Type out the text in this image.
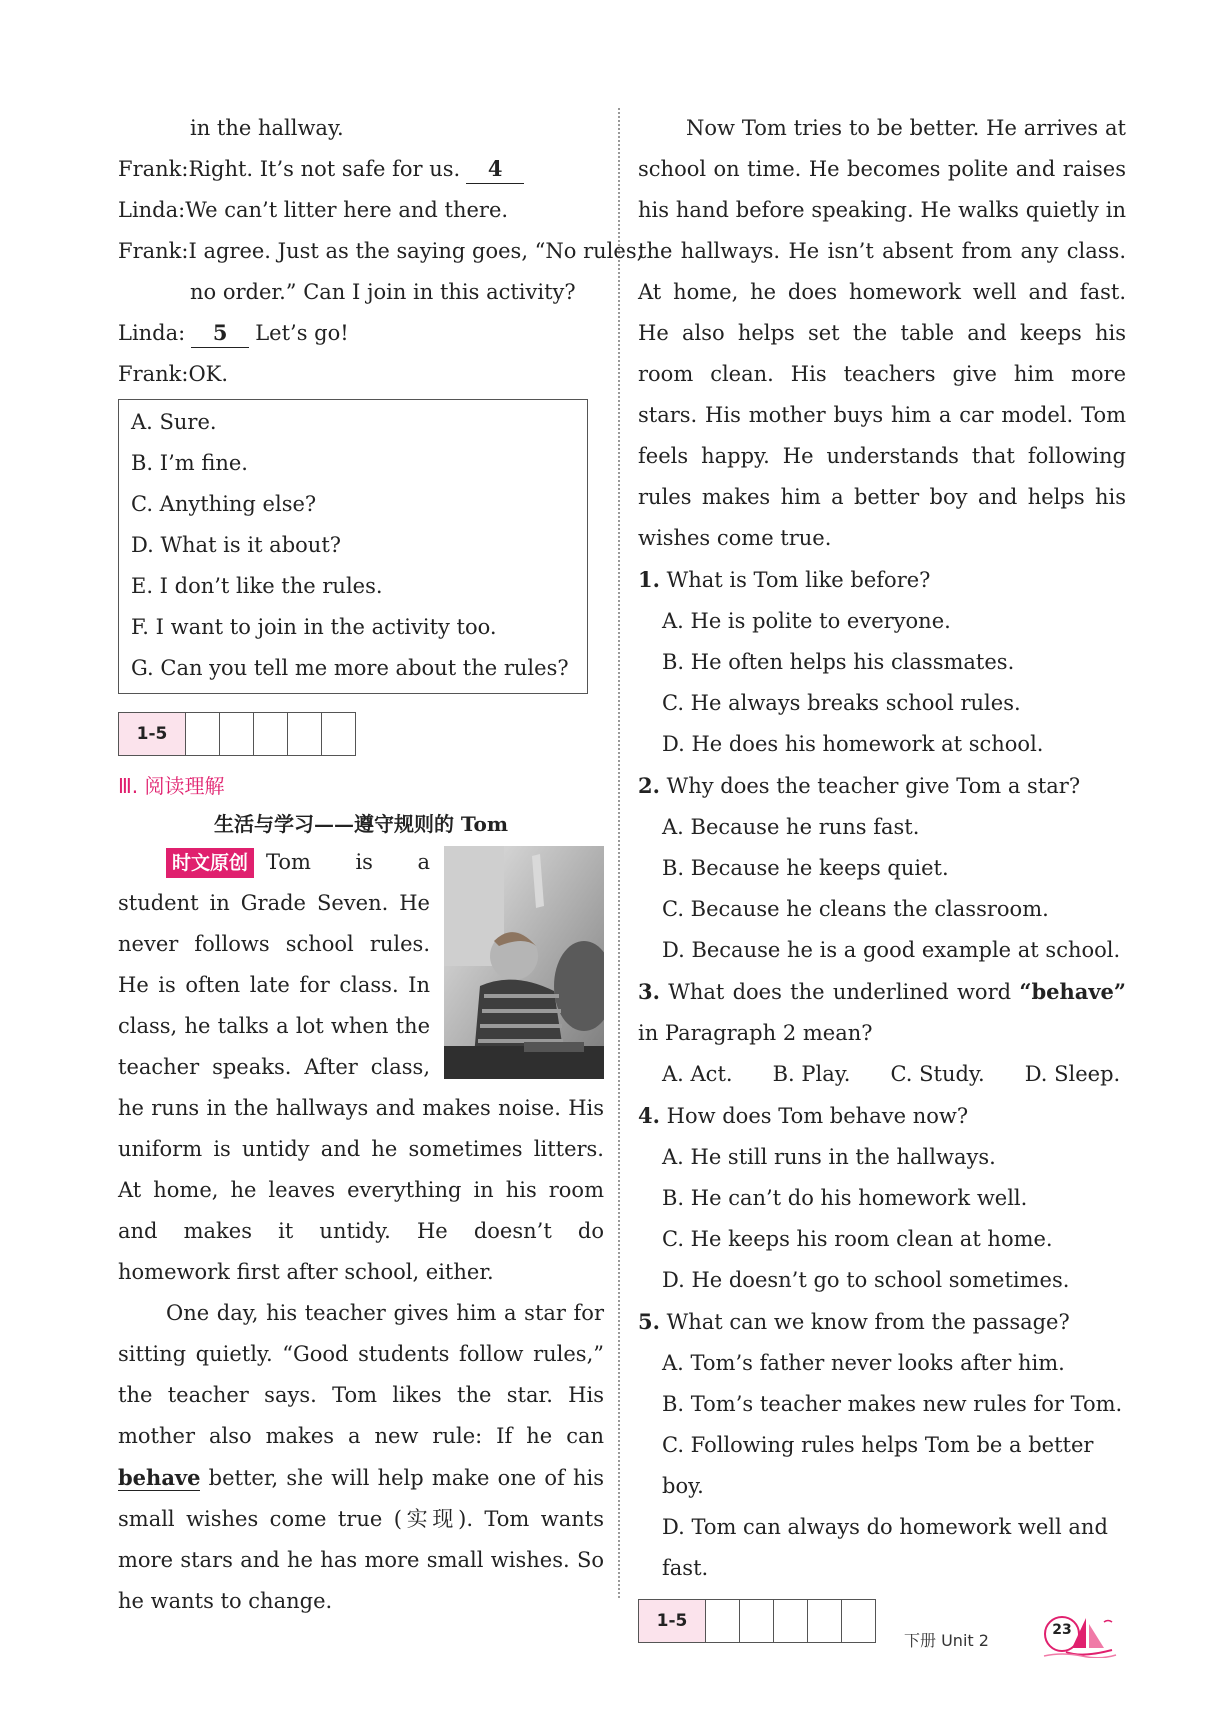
in the hallway.
Frank:Right. It’s not safe for us. 4
Linda:We can’t litter here and there.
Frank:I agree. Just as the saying goes, “No rules,
no order.” Can I join in this activity?
Linda: 5 Let’s go!
Frank:OK.
A. Sure.
B. I’m fine.
C. Anything else?
D. What is it about?
E. I don’t like the rules.
F. I want to join in the activity too.
G. Can you tell me more about the rules?
1-5
Ⅲ. 阅读理解
生活与学习——遵守规则的 Tom
时文原创 Tom is a student in Grade Seven. He never follows school rules. He is often late for class. In class, he talks a lot when the teacher speaks. After class, he runs in the hallways and makes noise. His uniform is untidy and he sometimes litters. At home, he leaves everything in his room and makes it untidy. He doesn’t do homework first after school, either.
One day, his teacher gives him a star for sitting quietly. “Good students follow rules,” the teacher says. Tom likes the star. His mother also makes a new rule: If he can behave better, she will help make one of his small wishes come true (实现). Tom wants more stars and he has more small wishes. So he wants to change.
Now Tom tries to be better. He arrives at school on time. He becomes polite and raises his hand before speaking. He walks quietly in the hallways. He isn’t absent from any class. At home, he does homework well and fast. He also helps set the table and keeps his room clean. His teachers give him more stars. His mother buys him a car model. Tom feels happy. He understands that following rules makes him a better boy and helps his wishes come true.
1. What is Tom like before?
A. He is polite to everyone.
B. He often helps his classmates.
C. He always breaks school rules.
D. He does his homework at school.
2. Why does the teacher give Tom a star?
A. Because he runs fast.
B. Because he keeps quiet.
C. Because he cleans the classroom.
D. Because he is a good example at school.
3. What does the underlined word “behave” in Paragraph 2 mean?
A. Act. B. Play. C. Study. D. Sleep.
4. How does Tom behave now?
A. He still runs in the hallways.
B. He can’t do his homework well.
C. He keeps his room clean at home.
D. He doesn’t go to school sometimes.
5. What can we know from the passage?
A. Tom’s father never looks after him.
B. Tom’s teacher makes new rules for Tom.
C. Following rules helps Tom be a better boy.
D. Tom can always do homework well and fast.
1-5
下册 Unit 2
23
